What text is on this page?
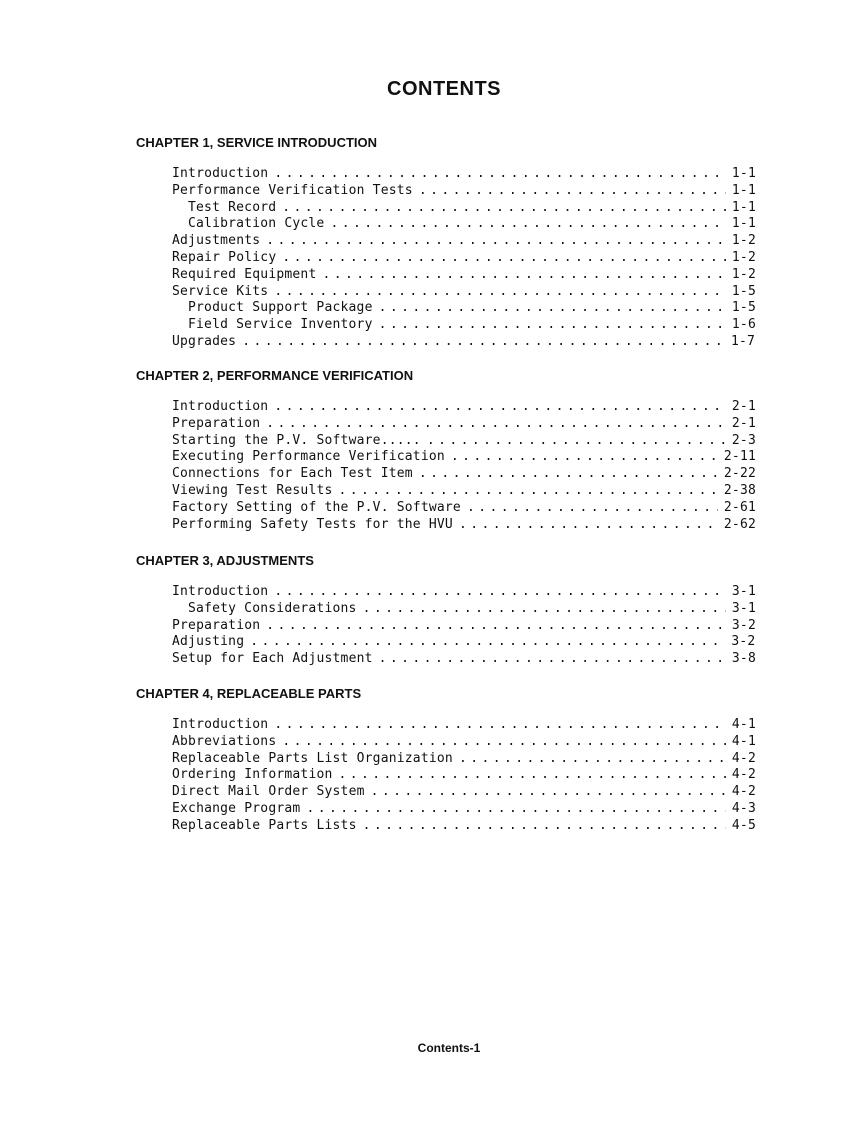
CONTENTS
CHAPTER 1, SERVICE INTRODUCTION
Introduction . . .	1-1
Performance Verification Tests . . .	1-1
Test Record . . .	1-1
Calibration Cycle . . .	1-1
Adjustments . . .	1-2
Repair Policy . . .	1-2
Required Equipment . . .	1-2
Service Kits . . .	1-5
Product Support Package . . .	1-5
Field Service Inventory . . .	1-6
Upgrades . . .	1-7
CHAPTER 2, PERFORMANCE VERIFICATION
Introduction . . .	2-1
Preparation . . .	2-1
Starting the P.V. Software..... . . .	2-3
Executing Performance Verification . . .	2-11
Connections for Each Test Item . . .	2-22
Viewing Test Results . . .	2-38
Factory Setting of the P.V. Software . . .	2-61
Performing Safety Tests for the HVU . . .	2-62
CHAPTER 3, ADJUSTMENTS
Introduction . . .	3-1
Safety Considerations . . .	3-1
Preparation . . .	3-2
Adjusting . . .	3-2
Setup for Each Adjustment . . .	3-8
CHAPTER 4, REPLACEABLE PARTS
Introduction . . .	4-1
Abbreviations . . .	4-1
Replaceable Parts List Organization . . .	4-2
Ordering Information . . .	4-2
Direct Mail Order System . . .	4-2
Exchange Program . . .	4-3
Replaceable Parts Lists . . .	4-5
Contents-1
